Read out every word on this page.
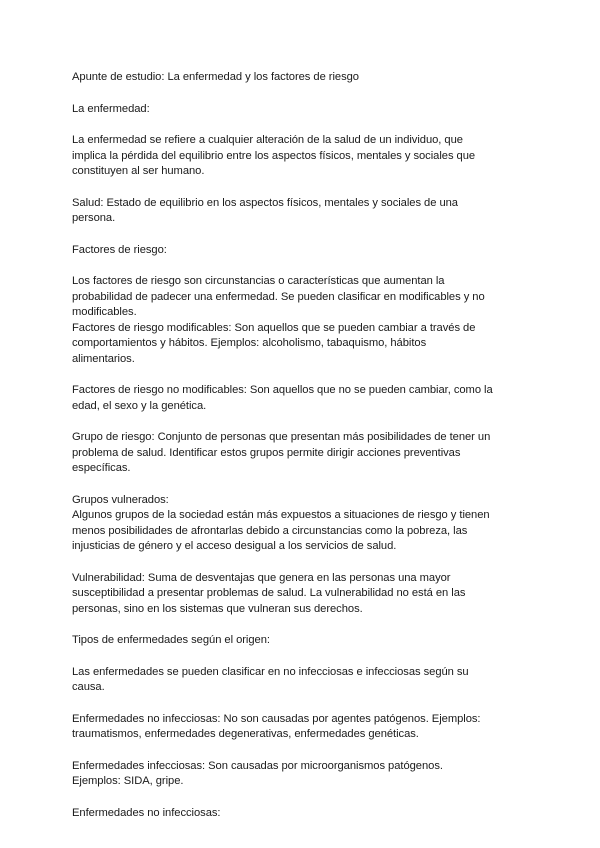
Apunte de estudio: La enfermedad y los factores de riesgo

La enfermedad:

La enfermedad se refiere a cualquier alteración de la salud de un individuo, que
implica la pérdida del equilibrio entre los aspectos físicos, mentales y sociales que
constituyen al ser humano.

Salud: Estado de equilibrio en los aspectos físicos, mentales y sociales de una
persona.

Factores de riesgo:

Los factores de riesgo son circunstancias o características que aumentan la
probabilidad de padecer una enfermedad. Se pueden clasificar en modificables y no
modificables.

Factores de riesgo modificables: Son aquellos que se pueden cambiar a través de
comportamientos y hábitos. Ejemplos: alcoholismo, tabaquismo, hábitos
alimentarios.

Factores de riesgo no modificables: Son aquellos que no se pueden cambiar, como la
edad, el sexo y la genética.

Grupo de riesgo: Conjunto de personas que presentan más posibilidades de tener un
problema de salud. Identificar estos grupos permite dirigir acciones preventivas
específicas.

Grupos vulnerados:

Algunos grupos de la sociedad están más expuestos a situaciones de riesgo y tienen
menos posibilidades de afrontarlas debido a circunstancias como la pobreza, las
injusticias de género y el acceso desigual a los servicios de salud.

Vulnerabilidad: Suma de desventajas que genera en las personas una mayor
susceptibilidad a presentar problemas de salud. La vulnerabilidad no está en las
personas, sino en los sistemas que vulneran sus derechos.

Tipos de enfermedades según el origen:

Las enfermedades se pueden clasificar en no infecciosas e infecciosas según su
causa.

Enfermedades no infecciosas: No son causadas por agentes patógenos. Ejemplos:
traumatismos, enfermedades degenerativas, enfermedades genéticas.

Enfermedades infecciosas: Son causadas por microorganismos patógenos.
Ejemplos: SIDA, gripe.

Enfermedades no infecciosas:
